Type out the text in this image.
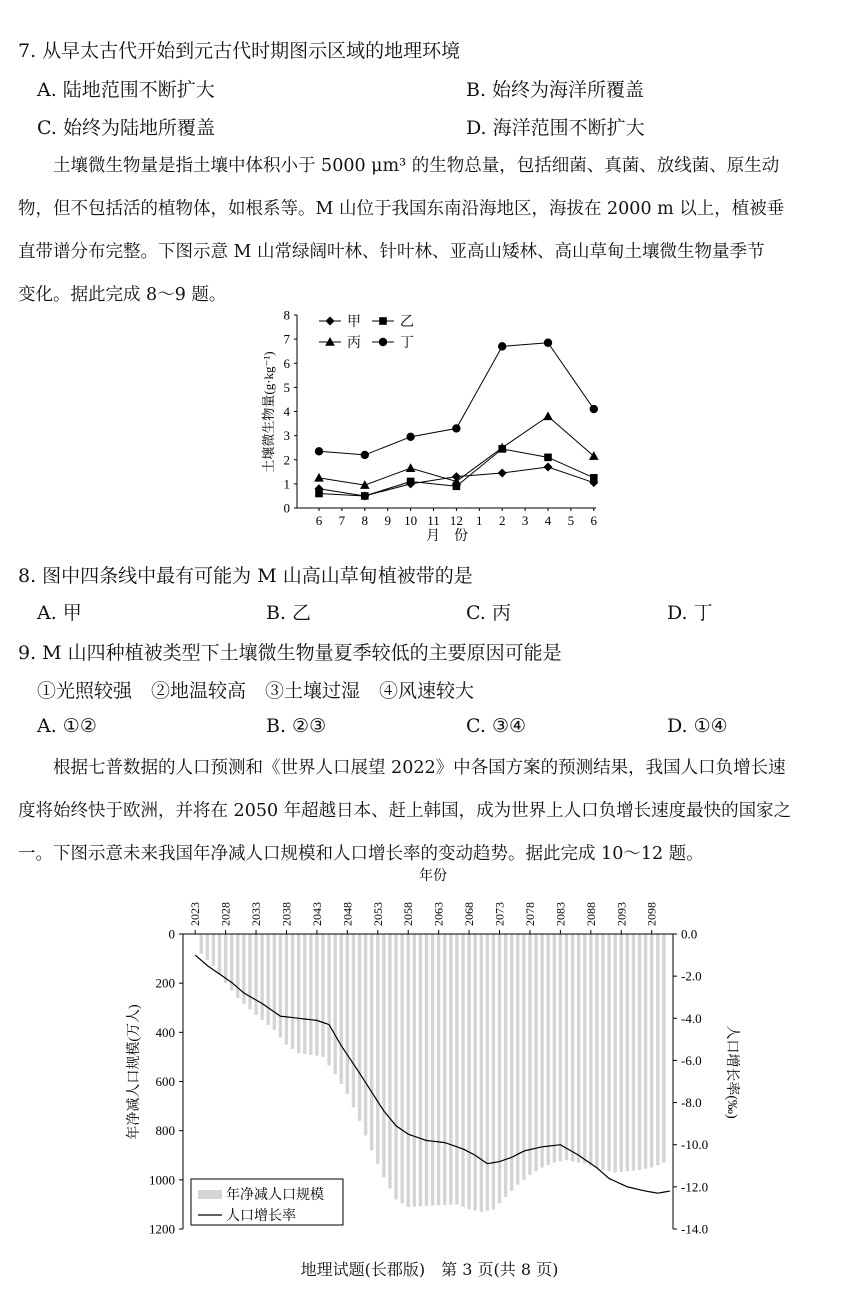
7. 从早太古代开始到元古代时期图示区域的地理环境
A. 陆地范围不断扩大	B. 始终为海洋所覆盖
C. 始终为陆地所覆盖	D. 海洋范围不断扩大

　　土壤微生物量是指土壤中体积小于 5000 μm³ 的生物总量，包括细菌、真菌、放线菌、原生动

物，但不包括活的植物体，如根系等。M 山位于我国东南沿海地区，海拔在 2000 m 以上，植被垂

直带谱分布完整。下图示意 M 山常绿阔叶林、针叶林、亚高山矮林、高山草甸土壤微生物量季节

变化。据此完成 8～9 题。

0
1
2
3
4
5
6
7
8
6 7 8 9 10 11 12 1 2 3 4 5 6
土壤微生物量(g·kg⁻¹)
月　份
甲	乙
丙	丁
8. 图中四条线中最有可能为 M 山高山草甸植被带的是
A. 甲	B. 乙	C. 丙	D. 丁
9. M 山四种植被类型下土壤微生物量夏季较低的主要原因可能是
①光照较强　②地温较高　③土壤过湿　④风速较大
A. ①②	B. ②③	C. ③④	D. ①④

　　根据七普数据的人口预测和《世界人口展望 2022》中各国方案的预测结果，我国人口负增长速

度将始终快于欧洲，并将在 2050 年超越日本、赶上韩国，成为世界上人口负增长速度最快的国家之

一。下图示意未来我国年净减人口规模和人口增长率的变动趋势。据此完成 10～12 题。

年份
2023 2028 2033 2038 2043 2048 2053 2058 2063 2068 2073 2078 2083 2088 2093 2098
0
200
400
600
800
1000
1200
0.0
-2.0
-4.0
-6.0
-8.0
-10.0
-12.0
-14.0
年净减人口规模(万人)	人口增长率(‰)
年净减人口规模
人口增长率
地理试题(长郡版)　第 3 页(共 8 页)
